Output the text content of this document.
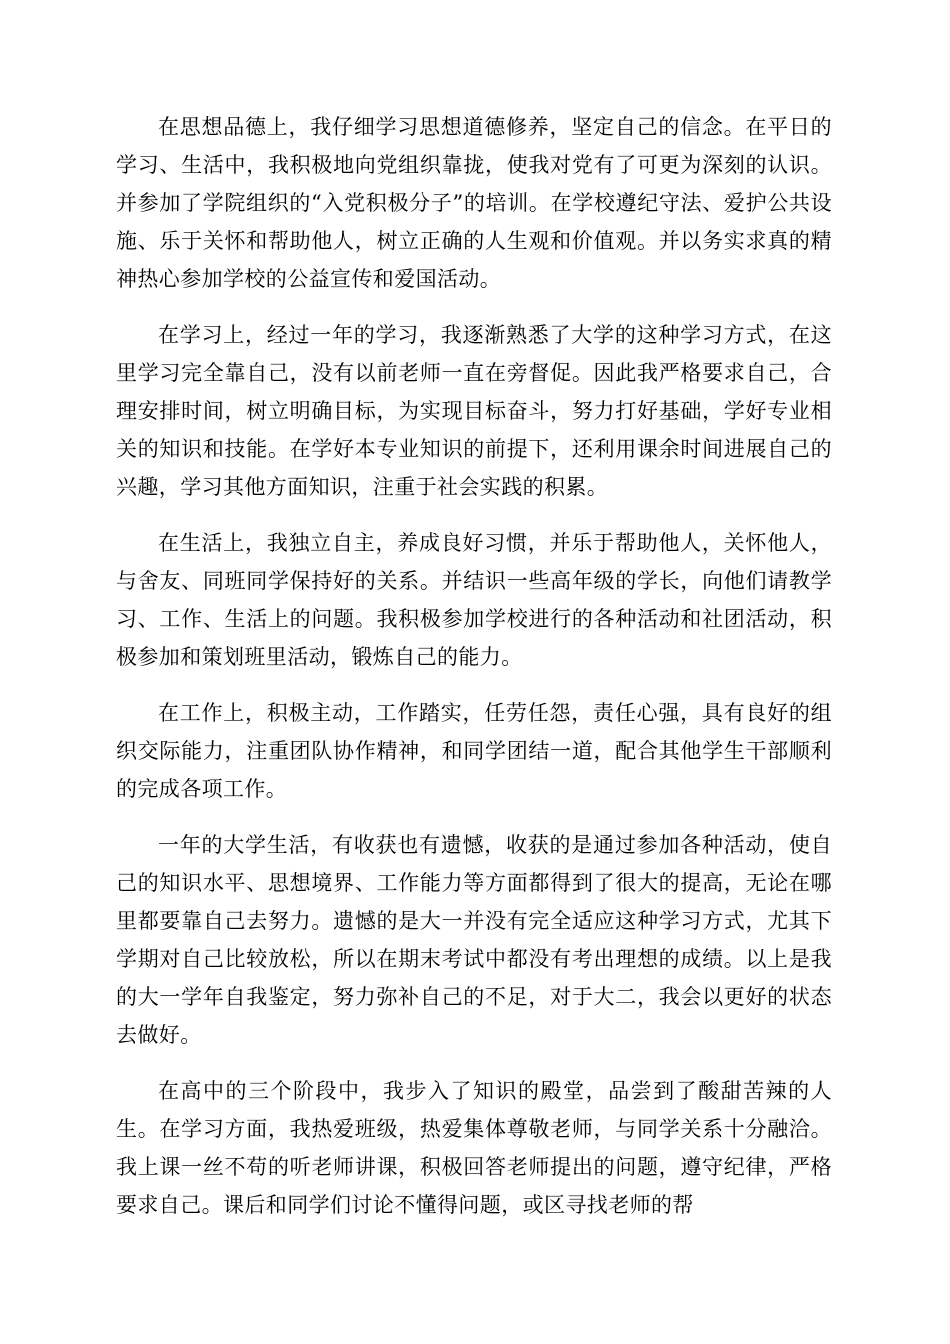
在思想品德上，我仔细学习思想道德修养，坚定自己的信念。在平日的学习、生活中，我积极地向党组织靠拢，使我对党有了可更为深刻的认识。并参加了学院组织的“入党积极分子”的培训。在学校遵纪守法、爱护公共设施、乐于关怀和帮助他人，树立正确的人生观和价值观。并以务实求真的精神热心参加学校的公益宣传和爱国活动。

在学习上，经过一年的学习，我逐渐熟悉了大学的这种学习方式，在这里学习完全靠自己，没有以前老师一直在旁督促。因此我严格要求自己，合理安排时间，树立明确目标，为实现目标奋斗，努力打好基础，学好专业相关的知识和技能。在学好本专业知识的前提下，还利用课余时间进展自己的兴趣，学习其他方面知识，注重于社会实践的积累。

在生活上，我独立自主，养成良好习惯，并乐于帮助他人，关怀他人，与舍友、同班同学保持好的关系。并结识一些高年级的学长，向他们请教学习、工作、生活上的问题。我积极参加学校进行的各种活动和社团活动，积极参加和策划班里活动，锻炼自己的能力。

在工作上，积极主动，工作踏实，任劳任怨，责任心强，具有良好的组织交际能力，注重团队协作精神，和同学团结一道，配合其他学生干部顺利的完成各项工作。

一年的大学生活，有收获也有遗憾，收获的是通过参加各种活动，使自己的知识水平、思想境界、工作能力等方面都得到了很大的提高，无论在哪里都要靠自己去努力。遗憾的是大一并没有完全适应这种学习方式，尤其下学期对自己比较放松，所以在期末考试中都没有考出理想的成绩。以上是我的大一学年自我鉴定，努力弥补自己的不足，对于大二，我会以更好的状态去做好。

在高中的三个阶段中，我步入了知识的殿堂，品尝到了酸甜苦辣的人生。在学习方面，我热爱班级，热爱集体尊敬老师，与同学关系十分融洽。我上课一丝不苟的听老师讲课，积极回答老师提出的问题，遵守纪律，严格要求自己。课后和同学们讨论不懂得问题，或区寻找老师的帮
